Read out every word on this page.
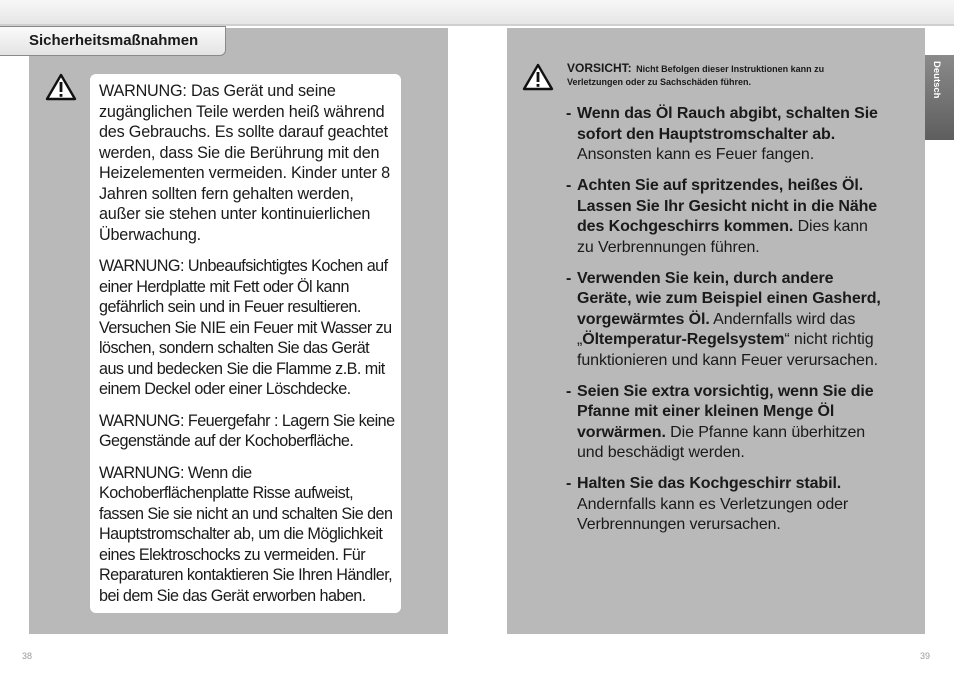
Sicherheitsmaßnahmen

WARNUNG: Das Gerät und seine zugänglichen Teile werden heiß während des Gebrauchs. Es sollte darauf geachtet werden, dass Sie die Berührung mit den Heizelementen vermeiden. Kinder unter 8 Jahren sollten fern gehalten werden, außer sie stehen unter kontinuierlichen Überwachung.

WARNUNG: Unbeaufsichtigtes Kochen auf einer Herdplatte mit Fett oder Öl kann gefährlich sein und in Feuer resultieren. Versuchen Sie NIE ein Feuer mit Wasser zu löschen, sondern schalten Sie das Gerät aus und bedecken Sie die Flamme z.B. mit einem Deckel oder einer Löschdecke.

WARNUNG: Feuergefahr : Lagern Sie keine Gegenstände auf der Kochoberfläche.

WARNUNG: Wenn die Kochoberflächenplatte Risse aufweist, fassen Sie sie nicht an und schalten Sie den Hauptstromschalter ab, um die Möglichkeit eines Elektroschocks zu vermeiden. Für Reparaturen kontaktieren Sie Ihren Händler, bei dem Sie das Gerät erworben haben.

VORSICHT: Nicht Befolgen dieser Instruktionen kann zu Verletzungen oder zu Sachschäden führen.
- Wenn das Öl Rauch abgibt, schalten Sie sofort den Hauptstromschalter ab. Ansonsten kann es Feuer fangen.
- Achten Sie auf spritzendes, heißes Öl. Lassen Sie Ihr Gesicht nicht in die Nähe des Kochgeschirrs kommen. Dies kann zu Verbrennungen führen.
- Verwenden Sie kein, durch andere Geräte, wie zum Beispiel einen Gasherd, vorgewärmtes Öl. Andernfalls wird das „Öltemperatur-Regelsystem“ nicht richtig funktionieren und kann Feuer verursachen.
- Seien Sie extra vorsichtig, wenn Sie die Pfanne mit einer kleinen Menge Öl vorwärmen. Die Pfanne kann überhitzen und beschädigt werden.
- Halten Sie das Kochgeschirr stabil. Andernfalls kann es Verletzungen oder Verbrennungen verursachen.
Deutsch
38	39
